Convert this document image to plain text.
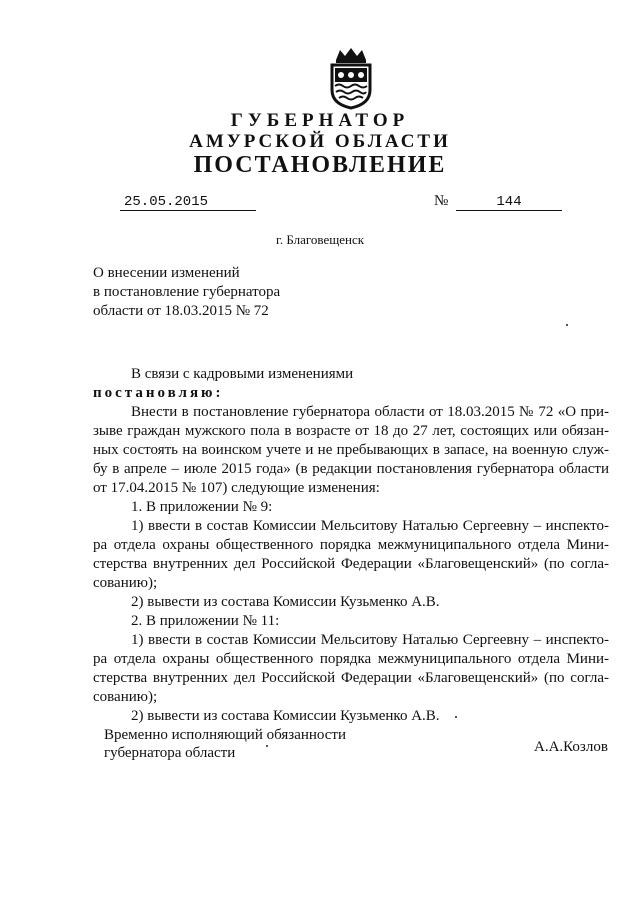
ГУБЕРНАТОР
АМУРСКОЙ ОБЛАСТИ
ПОСТАНОВЛЕНИЕ
25.05.2015	№	144
г. Благовещенск
О внесении изменений
в постановление губернатора
области от 18.03.2015 № 72
В связи с кадровыми изменениями
постановляю:
Внести в постановление губернатора области от 18.03.2015 № 72 «О при-
зыве граждан мужского пола в возрасте от 18 до 27 лет, состоящих или обязан-
ных состоять на воинском учете и не пребывающих в запасе, на военную служ-
бу в апреле – июле 2015 года» (в редакции постановления губернатора области
от 17.04.2015 № 107) следующие изменения:
1. В приложении № 9:
1) ввести в состав Комиссии Мельситову Наталью Сергеевну – инспекто-
ра отдела охраны общественного порядка межмуниципального отдела Мини-
стерства внутренних дел Российской Федерации «Благовещенский» (по согла-
сованию);
2) вывести из состава Комиссии Кузьменко А.В.
2. В приложении № 11:
1) ввести в состав Комиссии Мельситову Наталью Сергеевну – инспекто-
ра отдела охраны общественного порядка межмуниципального отдела Мини-
стерства внутренних дел Российской Федерации «Благовещенский» (по согла-
сованию);
2) вывести из состава Комиссии Кузьменко А.В.
Временно исполняющий обязанности
губернатора области	А.А.Козлов
